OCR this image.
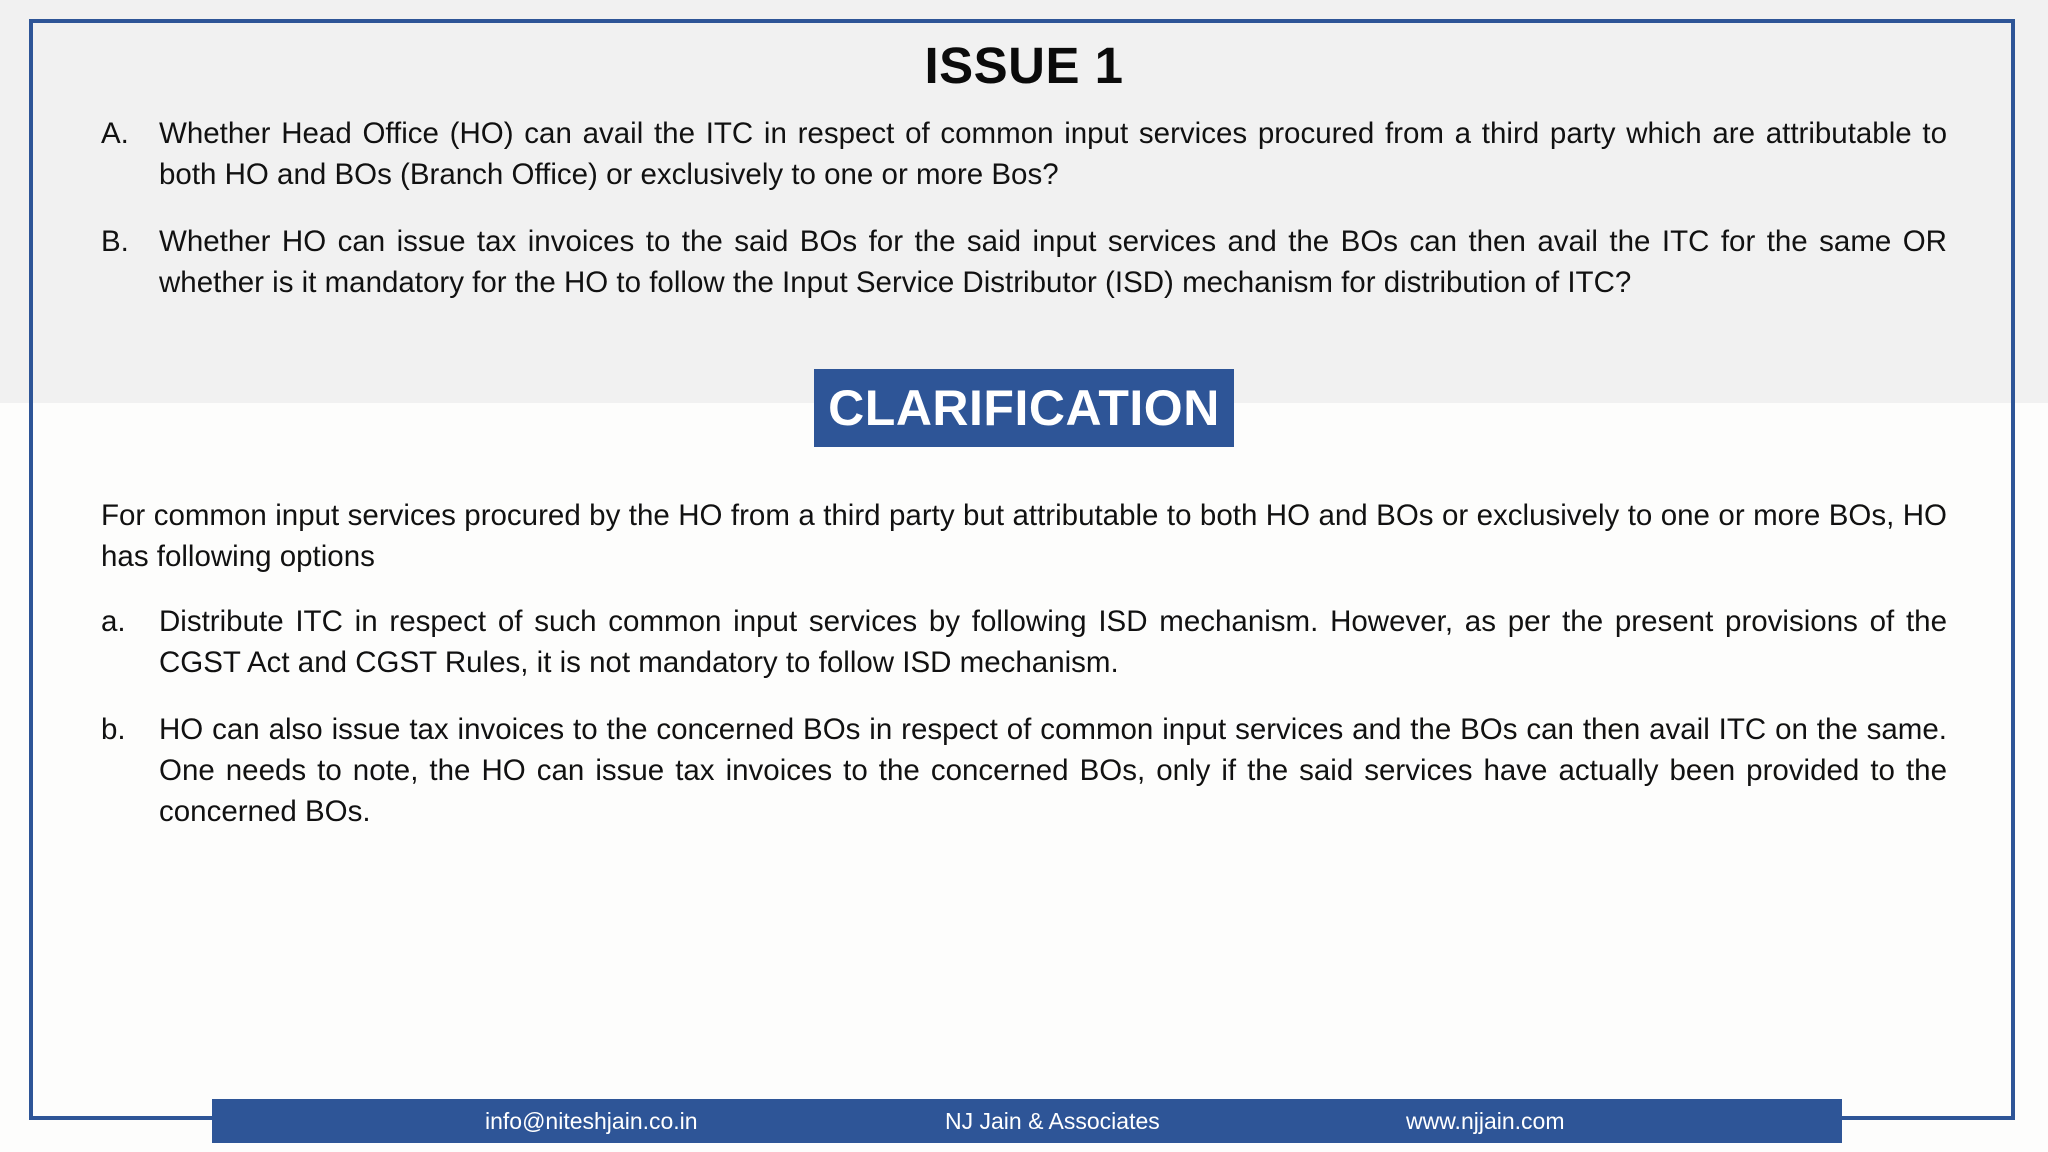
ISSUE 1
A. Whether Head Office (HO) can avail the ITC in respect of common input services procured from a third party which are attributable to both HO and BOs (Branch Office) or exclusively to one or more Bos?
B. Whether HO can issue tax invoices to the said BOs for the said input services and the BOs can then avail the ITC for the same OR whether is it mandatory for the HO to follow the Input Service Distributor (ISD) mechanism for distribution of ITC?
CLARIFICATION
For common input services procured by the HO from a third party but attributable to both HO and BOs or exclusively to one or more BOs, HO has following options
a. Distribute ITC in respect of such common input services by following ISD mechanism. However, as per the present provisions of the CGST Act and CGST Rules, it is not mandatory to follow ISD mechanism.
b. HO can also issue tax invoices to the concerned BOs in respect of common input services and the BOs can then avail ITC on the same. One needs to note, the HO can issue tax invoices to the concerned BOs, only if the said services have actually been provided to the concerned BOs.
info@niteshjain.co.in	NJ Jain & Associates	www.njjain.com
